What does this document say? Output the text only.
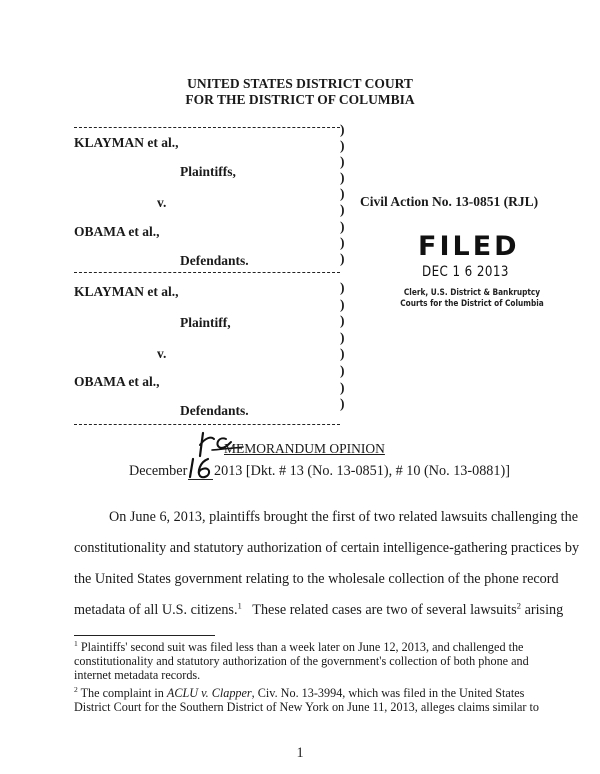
UNITED STATES DISTRICT COURT
FOR THE DISTRICT OF COLUMBIA
KLAYMAN et al.,
Plaintiffs,
v.
OBAMA et al.,
Defendants.
)
)
)
)
)
)
)
)
)
KLAYMAN et al.,
Plaintiff,
v.
OBAMA et al.,
Defendants.
)
)
)
)
)
)
)
)
Civil Action No. 13-0851 (RJL)
FILED
DEC 1 6 2013
Clerk, U.S. District & Bankruptcy
Courts for the District of Columbia
MEMORANDUM OPINION
December 2013 [Dkt. # 13 (No. 13-0851), # 10 (No. 13-0881)]
On June 6, 2013, plaintiffs brought the first of two related lawsuits challenging the
constitutionality and statutory authorization of certain intelligence-gathering practices by
the United States government relating to the wholesale collection of the phone record
metadata of all U.S. citizens.$^1$   These related cases are two of several lawsuits$^2$ arising
$^1$ Plaintiffs' second suit was filed less than a week later on June 12, 2013, and challenged the
constitutionality and statutory authorization of the government's collection of both phone and
internet metadata records.
$^2$ The complaint in ACLU v. Clapper, Civ. No. 13-3994, which was filed in the United States
District Court for the Southern District of New York on June 11, 2013, alleges claims similar to
1
